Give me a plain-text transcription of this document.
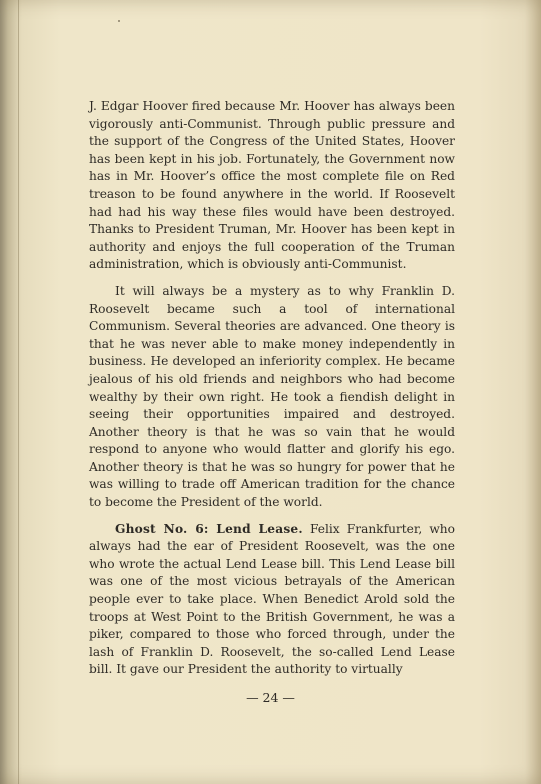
J. Edgar Hoover fired because Mr. Hoover has always been vigorously anti-Communist. Through public pressure and the support of the Congress of the United States, Hoover has been kept in his job. Fortunately, the Government now has in Mr. Hoover’s office the most complete file on Red treason to be found anywhere in the world. If Roosevelt had had his way these files would have been destroyed. Thanks to President Truman, Mr. Hoover has been kept in authority and enjoys the full cooperation of the Truman administration, which is obviously anti-Communist.

It will always be a mystery as to why Franklin D. Roosevelt became such a tool of international Communism. Several theories are advanced. One theory is that he was never able to make money independently in business. He developed an inferiority complex. He became jealous of his old friends and neighbors who had become wealthy by their own right. He took a fiendish delight in seeing their opportunities impaired and destroyed. Another theory is that he was so vain that he would respond to anyone who would flatter and glorify his ego. Another theory is that he was so hungry for power that he was willing to trade off American tradition for the chance to become the President of the world.

Ghost No. 6: Lend Lease. Felix Frankfurter, who always had the ear of President Roosevelt, was the one who wrote the actual Lend Lease bill. This Lend Lease bill was one of the most vicious betrayals of the American people ever to take place. When Benedict Arold sold the troops at West Point to the British Government, he was a piker, compared to those who forced through, under the lash of Franklin D. Roosevelt, the so-called Lend Lease bill. It gave our President the authority to virtually

— 24 —
